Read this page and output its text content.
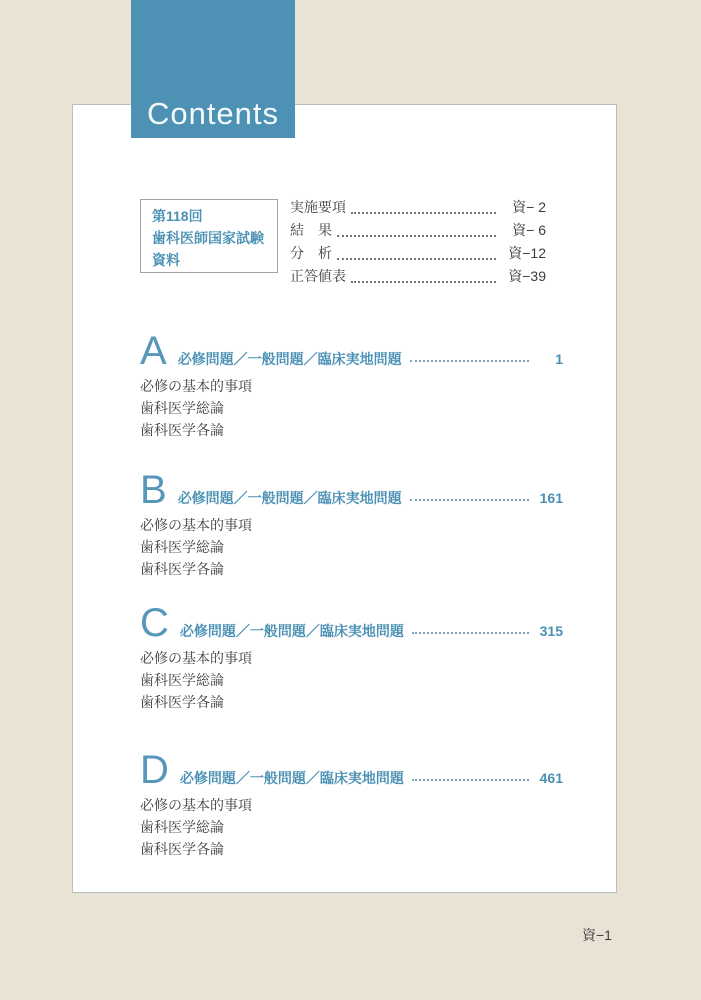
Contents
第118回
歯科医師国家試験
資料
実施要項	資− 2
結　果	資− 6
分　析	資−12
正答値表	資−39
A 必修問題／一般問題／臨床実地問題	1
必修の基本的事項
歯科医学総論
歯科医学各論
B 必修問題／一般問題／臨床実地問題	161
必修の基本的事項
歯科医学総論
歯科医学各論
C 必修問題／一般問題／臨床実地問題	315
必修の基本的事項
歯科医学総論
歯科医学各論
D 必修問題／一般問題／臨床実地問題	461
必修の基本的事項
歯科医学総論
歯科医学各論
資−1
